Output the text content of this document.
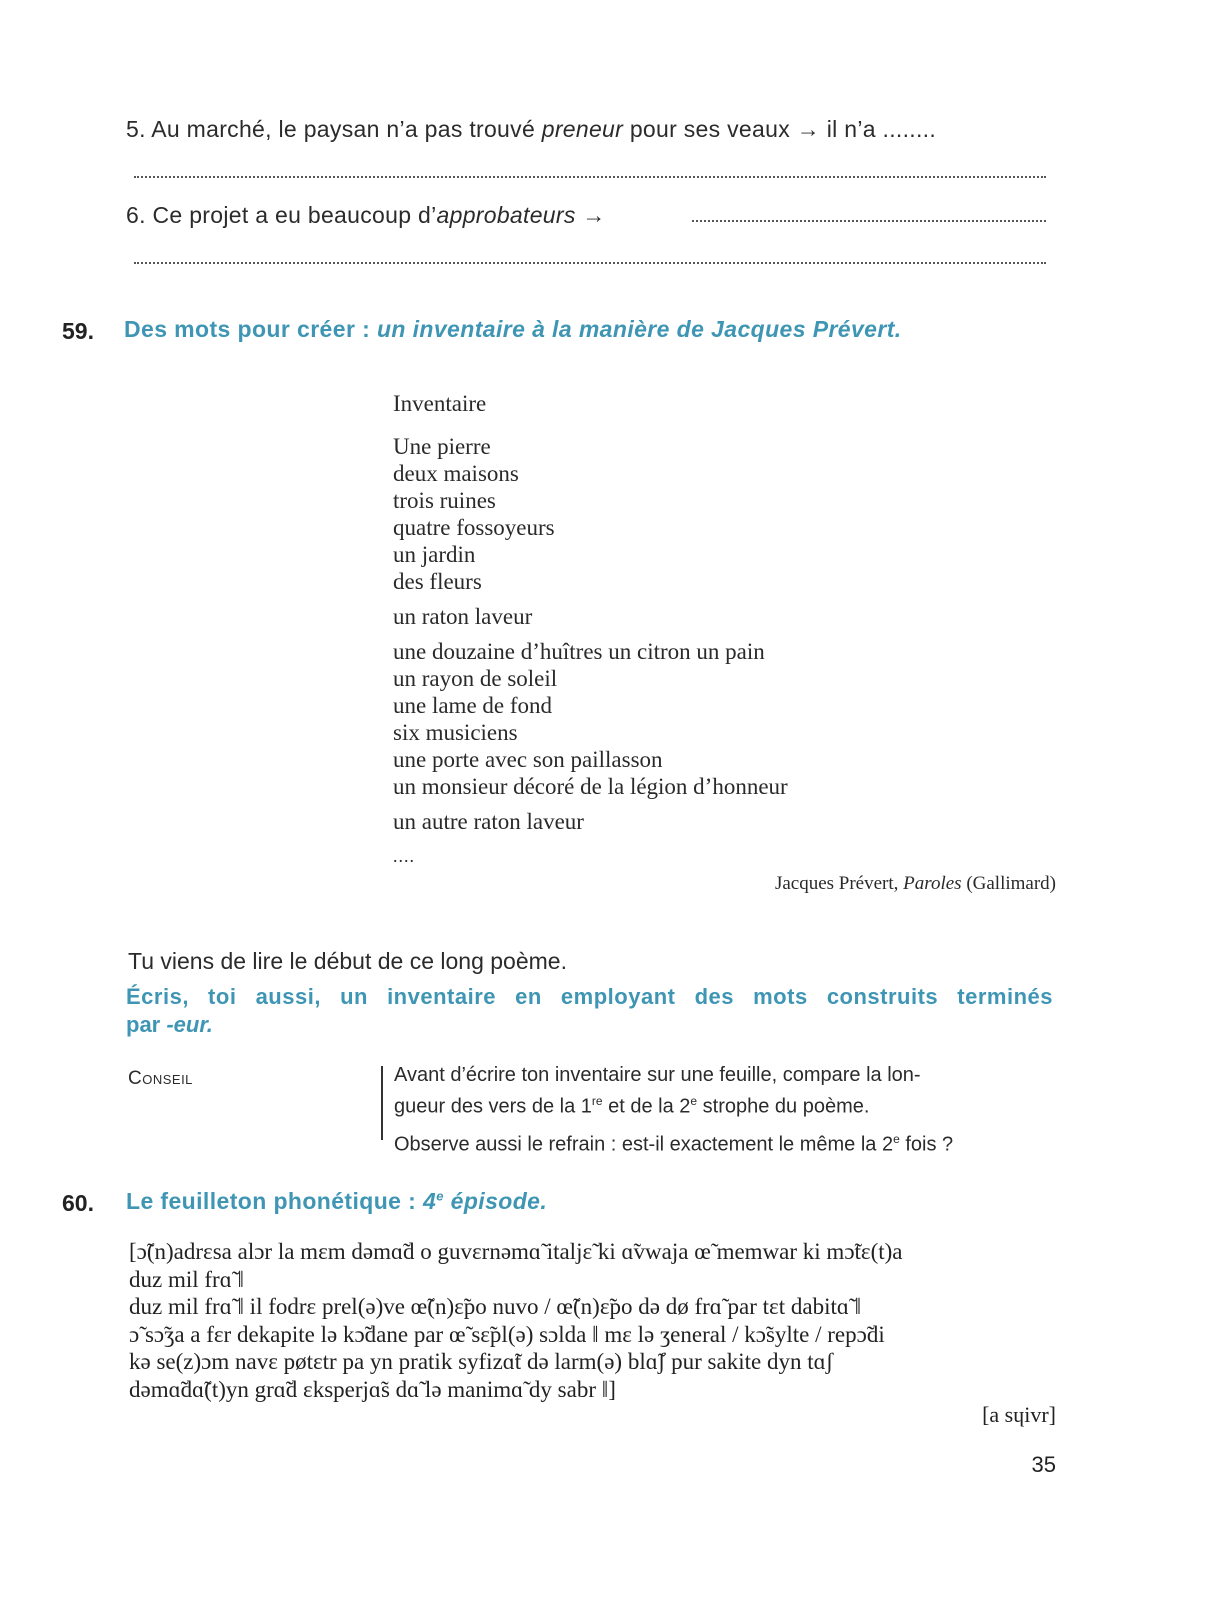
5. Au marché, le paysan n’a pas trouvé preneur pour ses veaux → il n’a ........
6. Ce projet a eu beaucoup d’approbateurs →
59. Des mots pour créer : un inventaire à la manière de Jacques Prévert.
Inventaire
Une pierre
deux maisons
trois ruines
quatre fossoyeurs
un jardin
des fleurs
un raton laveur
une douzaine d’huîtres un citron un pain
un rayon de soleil
une lame de fond
six musiciens
une porte avec son paillasson
un monsieur décoré de la légion d’honneur
un autre raton laveur
....
Jacques Prévert, Paroles (Gallimard)
Tu viens de lire le début de ce long poème.
Écris, toi aussi, un inventaire en employant des mots construits terminés
par -eur.
Conseil	Avant d’écrire ton inventaire sur une feuille, compare la lon-
gueur des vers de la 1re et de la 2e strophe du poème.
Observe aussi le refrain : est-il exactement le même la 2e fois ?
60. Le feuilleton phonétique : 4e épisode.
[ɔ̃(n)adrɛsa alɔr la mɛm dəmɑ̃d o guvɛrnəmɑ̃ italjɛ̃ ki ɑ̃vwaja œ̃ memwar ki mɔ̃tɛ(t)a
duz mil frɑ̃ ‖
duz mil frɑ̃ ‖ il fodrɛ prel(ə)ve œ̃(n)ɛ̃po nuvo / œ̃(n)ɛ̃po də dø frɑ̃ par tɛt dabitɑ̃ ‖
ɔ̃ sɔ̃ʒa a fɛr dekapite lə kɔ̃dane par œ̃ sɛ̃pl(ə) sɔlda ‖ mɛ lə ʒeneral / kɔ̃sylte / repɔ̃di
kə se(z)ɔm navɛ pøtɛtr pa yn pratik syfizɑ̃t də larm(ə) blɑ̃ʃ pur sakite dyn tɑʃ
dəmɑ̃dɑ̃(t)yn grɑ̃d ɛksperjɑ̃s dɑ̃ lə manimɑ̃ dy sabr ‖]
[a sɥivr]
35
